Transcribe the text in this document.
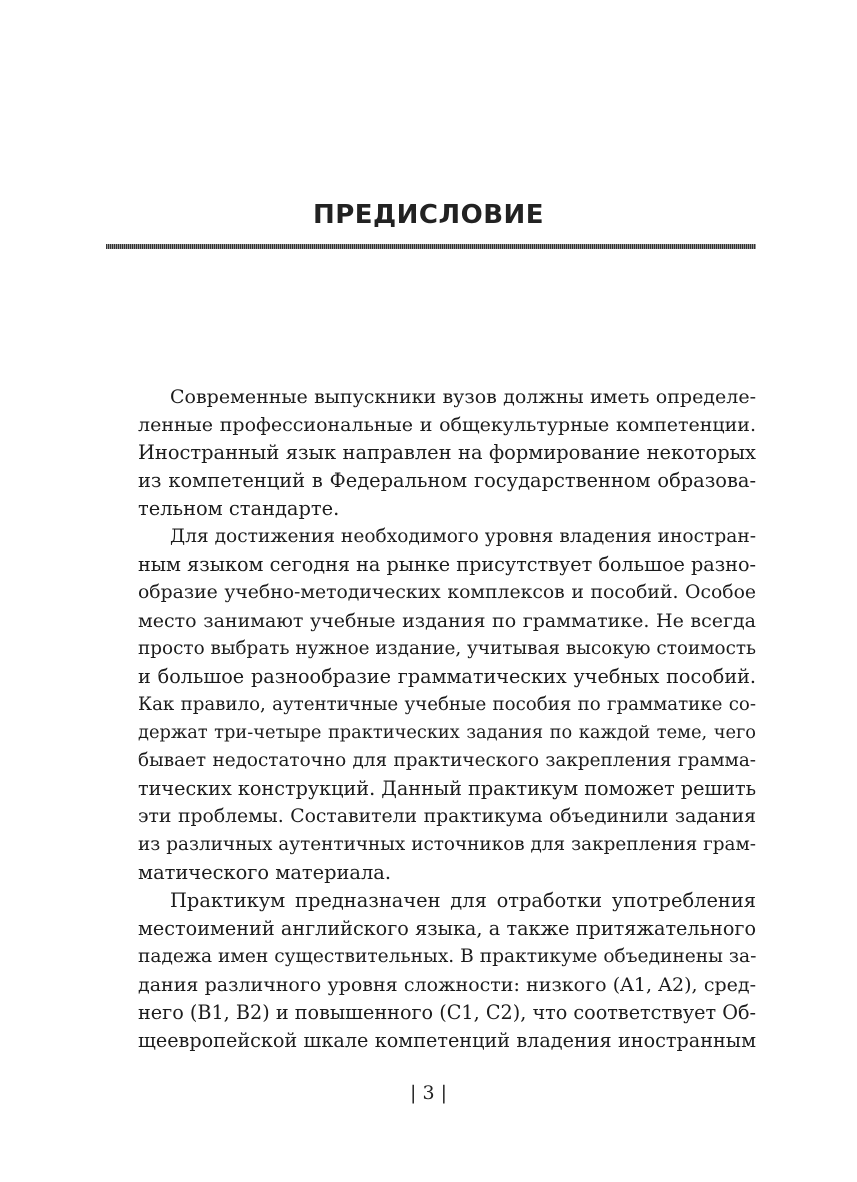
ПРЕДИСЛОВИЕ
Современные выпускники вузов должны иметь определе-
ленные профессиональные и общекультурные компетенции.
Иностранный язык направлен на формирование некоторых
из компетенций в Федеральном государственном образова-
тельном стандарте.
Для достижения необходимого уровня владения иностран-
ным языком сегодня на рынке присутствует большое разно-
образие учебно-методических комплексов и пособий. Особое
место занимают учебные издания по грамматике. Не всегда
просто выбрать нужное издание, учитывая высокую стоимость
и большое разнообразие грамматических учебных пособий.
Как правило, аутентичные учебные пособия по грамматике со-
держат три-четыре практических задания по каждой теме, чего
бывает недостаточно для практического закрепления грамма-
тических конструкций. Данный практикум поможет решить
эти проблемы. Составители практикума объединили задания
из различных аутентичных источников для закрепления грам-
матического материала.
Практикум предназначен для отработки употребления
местоимений английского языка, а также притяжательного
падежа имен существительных. В практикуме объединены за-
дания различного уровня сложности: низкого (A1, A2), сред-
него (B1, B2) и повышенного (C1, C2), что соответствует Об-
щеевропейской шкале компетенций владения иностранным
| 3 |
